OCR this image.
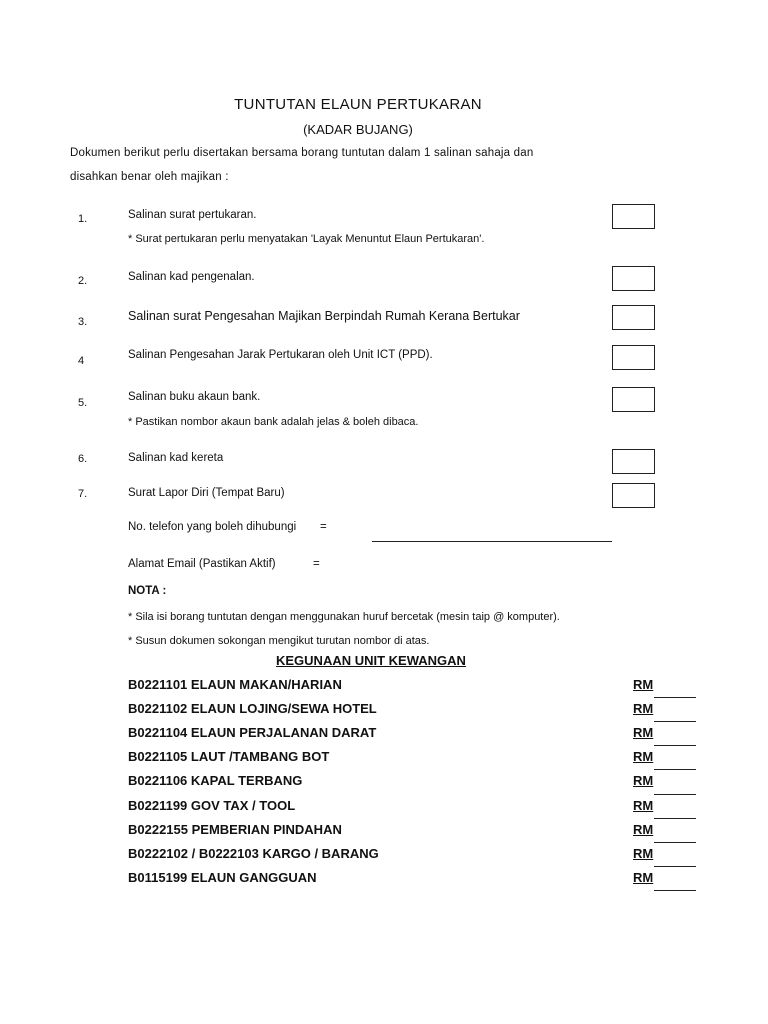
TUNTUTAN ELAUN PERTUKARAN
(KADAR BUJANG)
Dokumen berikut perlu disertakan bersama borang tuntutan dalam 1 salinan sahaja dan
disahkan benar oleh majikan :
1.	Salinan surat pertukaran.
* Surat pertukaran perlu menyatakan 'Layak Menuntut Elaun Pertukaran'.
2.	Salinan kad pengenalan.
3.	Salinan surat Pengesahan Majikan Berpindah Rumah Kerana Bertukar
4	Salinan Pengesahan Jarak Pertukaran oleh Unit ICT (PPD).
5.	Salinan buku akaun bank.
* Pastikan nombor akaun bank adalah jelas & boleh dibaca.
6.	Salinan kad kereta
7.	Surat Lapor Diri (Tempat Baru)
No. telefon yang boleh dihubungi =
Alamat Email (Pastikan Aktif)	=
NOTA :
* Sila isi borang tuntutan dengan menggunakan huruf bercetak (mesin taip @ komputer).
* Susun dokumen sokongan mengikut turutan nombor di atas.
KEGUNAAN UNIT KEWANGAN
B0221101 ELAUN MAKAN/HARIAN	RM
B0221102 ELAUN LOJING/SEWA HOTEL	RM
B0221104 ELAUN PERJALANAN DARAT	RM
B0221105 LAUT /TAMBANG BOT	RM
B0221106 KAPAL TERBANG	RM
B0221199 GOV TAX / TOOL	RM
B0222155 PEMBERIAN PINDAHAN	RM
B0222102 / B0222103 KARGO / BARANG	RM
B0115199 ELAUN GANGGUAN	RM
